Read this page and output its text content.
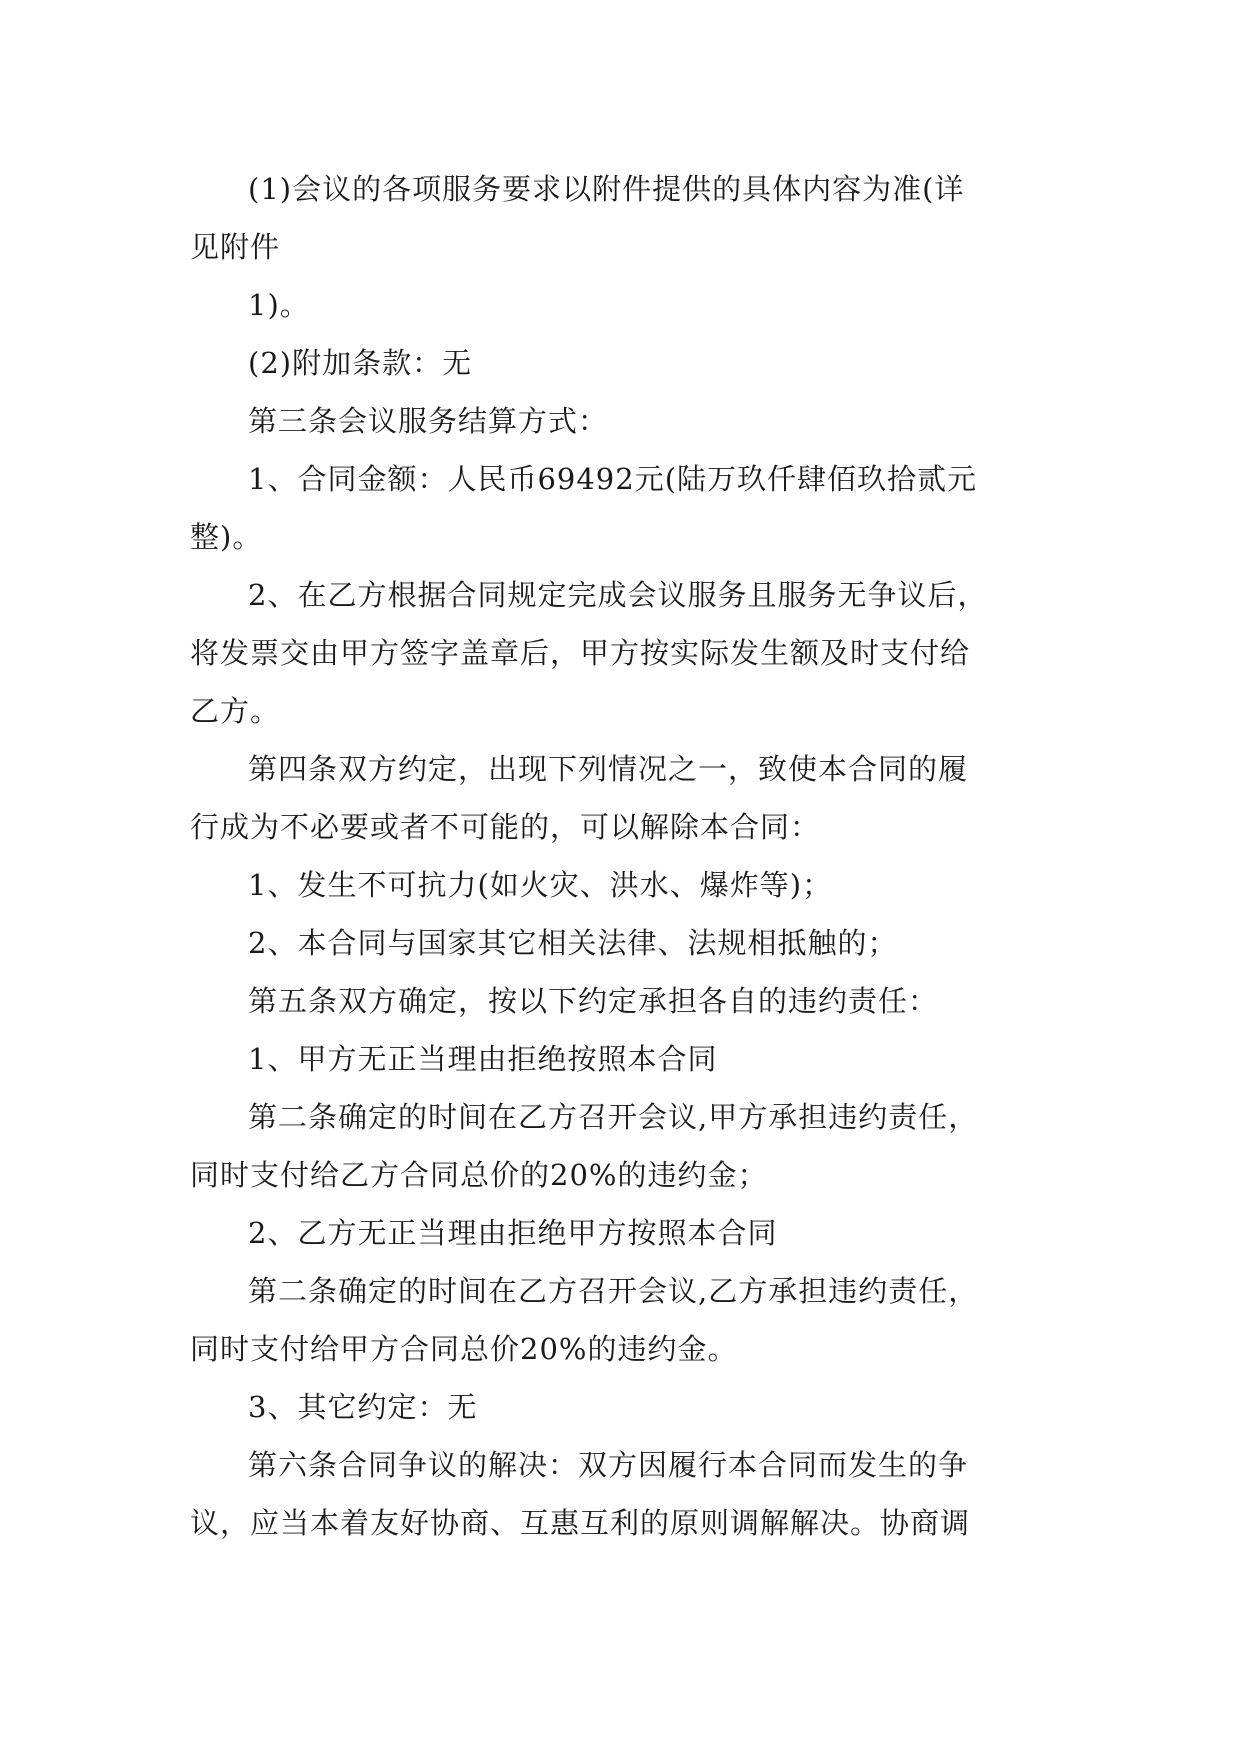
(1)会议的各项服务要求以附件提供的具体内容为准(详
见附件

1)。

(2)附加条款：无

第三条会议服务结算方式：

1、合同金额：人民币69492元(陆万玖仟肆佰玖拾贰元
整)。

2、在乙方根据合同规定完成会议服务且服务无争议后，
将发票交由甲方签字盖章后，甲方按实际发生额及时支付给
乙方。

第四条双方约定，出现下列情况之一，致使本合同的履
行成为不必要或者不可能的，可以解除本合同：

1、发生不可抗力(如火灾、洪水、爆炸等)；

2、本合同与国家其它相关法律、法规相抵触的；

第五条双方确定，按以下约定承担各自的违约责任：

1、甲方无正当理由拒绝按照本合同

第二条确定的时间在乙方召开会议,甲方承担违约责任，
同时支付给乙方合同总价的20%的违约金；

2、乙方无正当理由拒绝甲方按照本合同

第二条确定的时间在乙方召开会议,乙方承担违约责任，
同时支付给甲方合同总价20%的违约金。

3、其它约定：无

第六条合同争议的解决：双方因履行本合同而发生的争
议，应当本着友好协商、互惠互利的原则调解解决。协商调
